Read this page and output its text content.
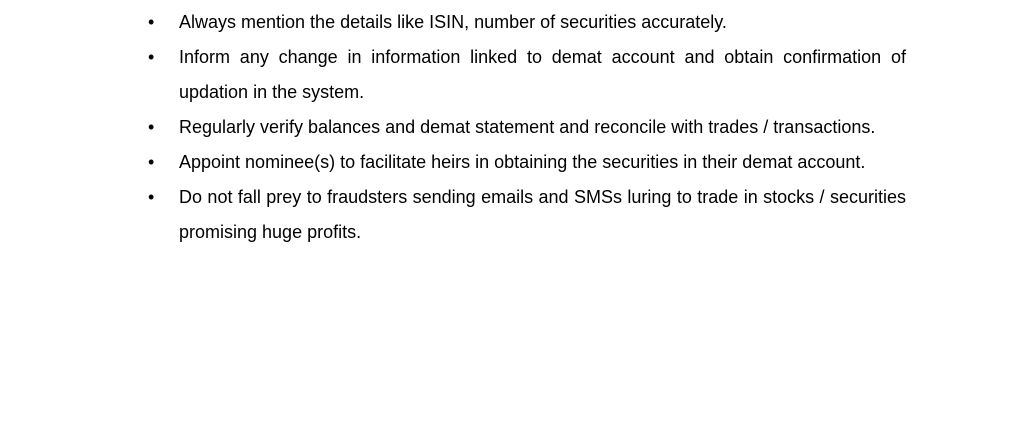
•	Always mention the details like ISIN, number of securities accurately.
•	Inform any change in information linked to demat account and obtain confirmation of updation in the system.
•	Regularly verify balances and demat statement and reconcile with trades / transactions.
•	Appoint nominee(s) to facilitate heirs in obtaining the securities in their demat account.
•	Do not fall prey to fraudsters sending emails and SMSs luring to trade in stocks / securities promising huge profits.
